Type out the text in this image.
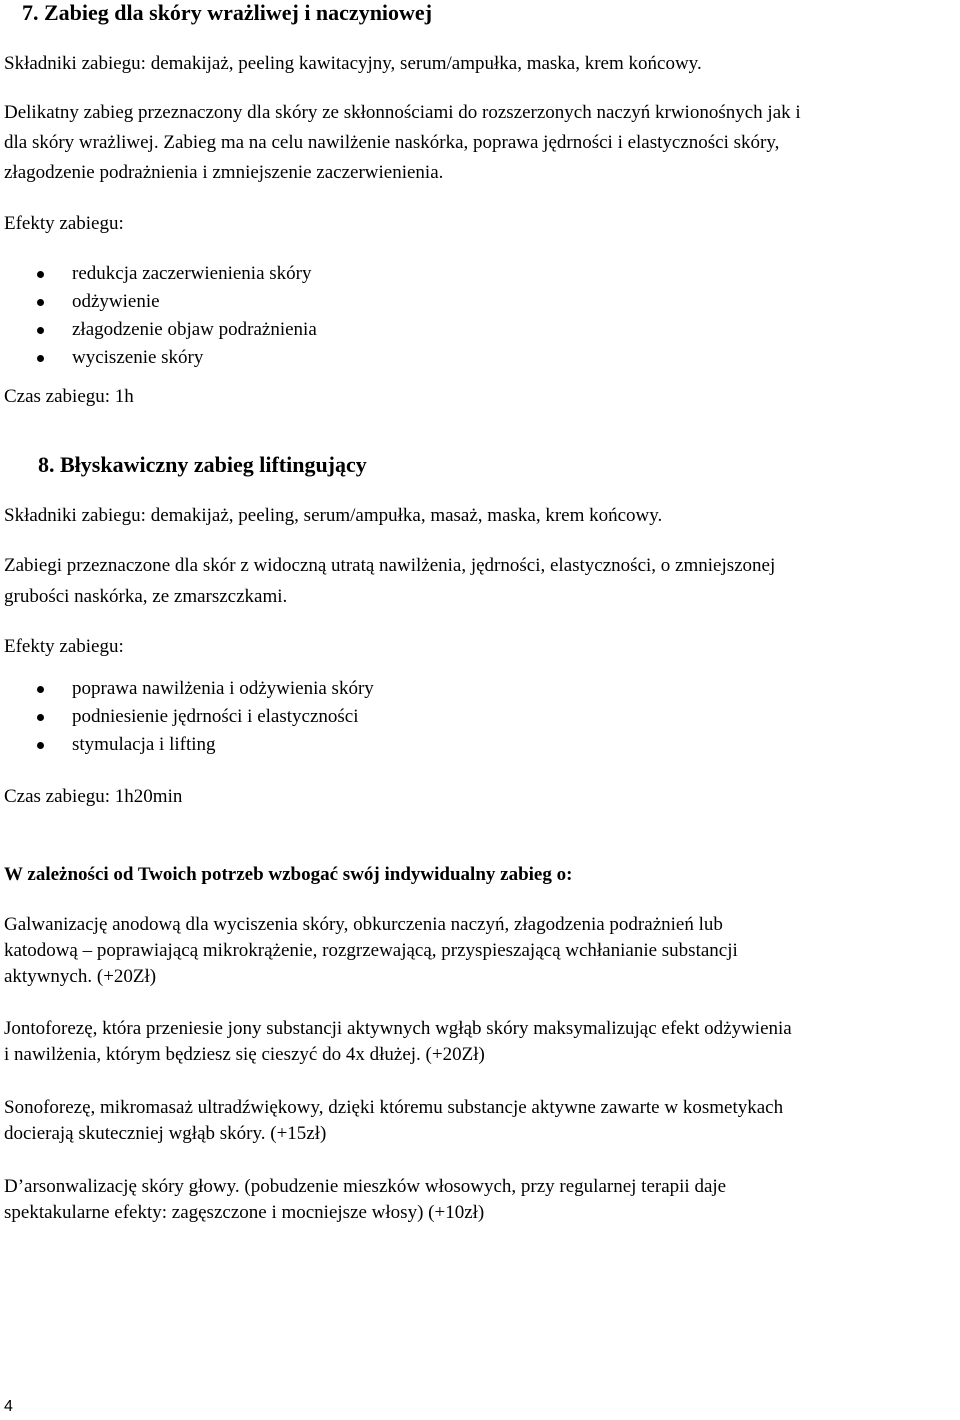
7. Zabieg dla skóry wrażliwej i naczyniowej
Składniki zabiegu: demakijaż, peeling kawitacyjny, serum/ampułka, maska, krem końcowy.
Delikatny zabieg przeznaczony dla skóry ze skłonnościami do rozszerzonych naczyń krwionośnych jak i
dla skóry wrażliwej. Zabieg ma na celu nawilżenie naskórka, poprawa jędrności i elastyczności skóry,
złagodzenie podrażnienia i zmniejszenie zaczerwienienia.
Efekty zabiegu:
redukcja zaczerwienienia skóry
odżywienie
złagodzenie objaw podrażnienia
wyciszenie skóry
Czas zabiegu: 1h
8. Błyskawiczny zabieg liftingujący
Składniki zabiegu: demakijaż, peeling, serum/ampułka, masaż, maska, krem końcowy.
Zabiegi przeznaczone dla skór z widoczną utratą nawilżenia, jędrności, elastyczności, o zmniejszonej
grubości naskórka, ze zmarszczkami.
Efekty zabiegu:
poprawa nawilżenia i odżywienia skóry
podniesienie jędrności i elastyczności
stymulacja i lifting
Czas zabiegu: 1h20min
W zależności od Twoich potrzeb wzbogać swój indywidualny zabieg o:
Galwanizację anodową dla wyciszenia skóry, obkurczenia naczyń, złagodzenia podrażnień lub
katodową – poprawiającą mikrokrążenie, rozgrzewającą, przyspieszającą wchłanianie substancji
aktywnych. (+20Zł)
Jontoforezę, która przeniesie jony substancji aktywnych wgłąb skóry maksymalizując efekt odżywienia
i nawilżenia, którym będziesz się cieszyć do 4x dłużej. (+20Zł)
Sonoforezę, mikromasaż ultradźwiękowy, dzięki któremu substancje aktywne zawarte w kosmetykach
docierają skuteczniej wgłąb skóry. (+15zł)
D’arsonwalizację skóry głowy. (pobudzenie mieszków włosowych, przy regularnej terapii daje
spektakularne efekty: zagęszczone i mocniejsze włosy) (+10zł)
4
